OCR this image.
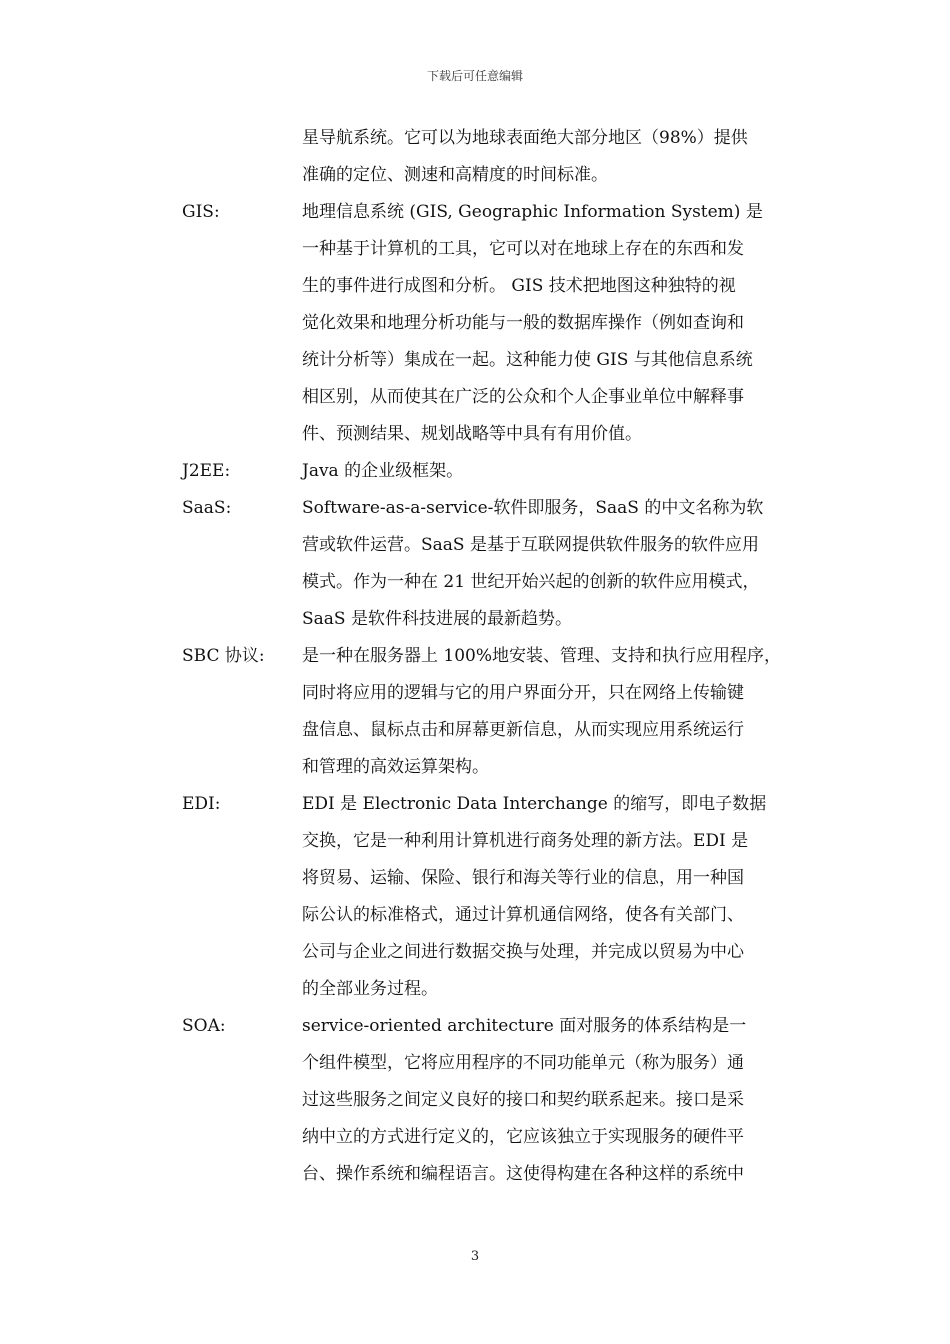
下载后可任意编辑
星导航系统。它可以为地球表面绝大部分地区（98%）提供
准确的定位、测速和高精度的时间标准。
GIS:	地理信息系统 (GIS, Geographic Information System) 是
一种基于计算机的工具，它可以对在地球上存在的东西和发
生的事件进行成图和分析。 GIS 技术把地图这种独特的视
觉化效果和地理分析功能与一般的数据库操作（例如查询和
统计分析等）集成在一起。这种能力使 GIS 与其他信息系统
相区别，从而使其在广泛的公众和个人企事业单位中解释事
件、预测结果、规划战略等中具有有用价值。
J2EE:	Java 的企业级框架。
SaaS:	Software-as-a-service-软件即服务，SaaS 的中文名称为软
营或软件运营。SaaS 是基于互联网提供软件服务的软件应用
模式。作为一种在 21 世纪开始兴起的创新的软件应用模式，
SaaS 是软件科技进展的最新趋势。
SBC 协议: 是一种在服务器上 100%地安装、管理、支持和执行应用程序，
同时将应用的逻辑与它的用户界面分开，只在网络上传输键
盘信息、鼠标点击和屏幕更新信息，从而实现应用系统运行
和管理的高效运算架构。
EDI:	EDI 是 Electronic Data Interchange 的缩写，即电子数据
交换，它是一种利用计算机进行商务处理的新方法。EDI 是
将贸易、运输、保险、银行和海关等行业的信息，用一种国
际公认的标准格式，通过计算机通信网络，使各有关部门、
公司与企业之间进行数据交换与处理，并完成以贸易为中心
的全部业务过程。
SOA:	service-oriented architecture 面对服务的体系结构是一
个组件模型，它将应用程序的不同功能单元（称为服务）通
过这些服务之间定义良好的接口和契约联系起来。接口是采
纳中立的方式进行定义的，它应该独立于实现服务的硬件平
台、操作系统和编程语言。这使得构建在各种这样的系统中
3
